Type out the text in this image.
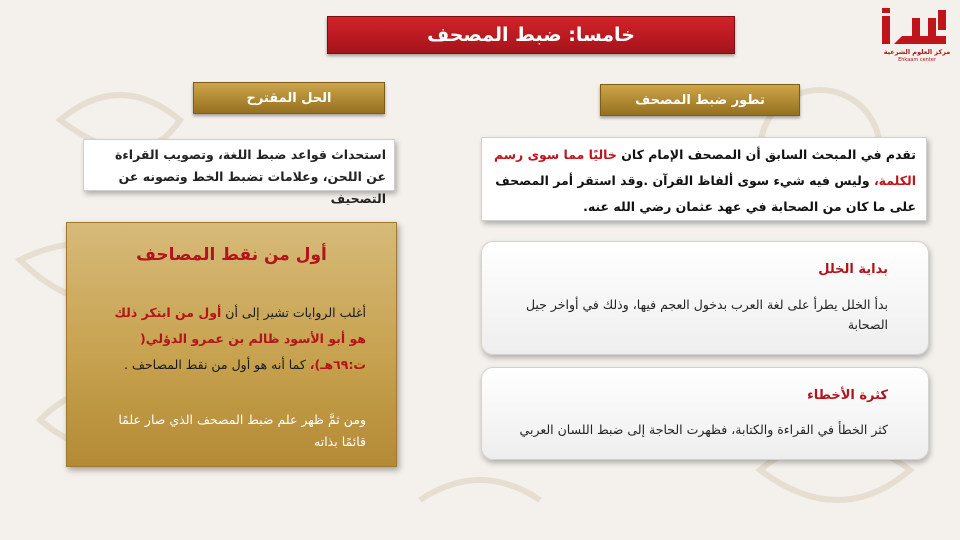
خامسا: ضبط المصحف
مركز العلوم الشرعية
Ehkaam center
تطور ضبط المصحف
الحل المقترح
تقدم في المبحث السابق أن المصحف الإمام كان خاليًا مما سوى رسم الكلمة، وليس فيه شيء سوى ألفاظ القرآن .وقد استقر أمر المصحف على ما كان من الصحابة في عهد عثمان رضي الله عنه.
استحداث قواعد ضبط اللغة، وتصويب القراءة عن اللحن، وعلامات تضبط الخط وتصونه عن التصحيف
بداية الخلل
بدأ الخلل يطرأ على لغة العرب بدخول العجم فيها، وذلك في أواخر جيل الصحابة
كثرة الأخطاء
كثر الخطأ في القراءة والكتابة، فظهرت الحاجة إلى ضبط اللسان العربي
أول من نقط المصاحف
أغلب الروايات تشير إلى أن أول من ابتكر ذلك هو أبو الأسود ظالم بن عمرو الدؤلي( ت:٦٩هـ)، كما أنه هو أول من نقط المصاحف .
ومن ثمَّ ظهر علم ضبط المصحف الذي صار علمًا قائمًا بذاته
